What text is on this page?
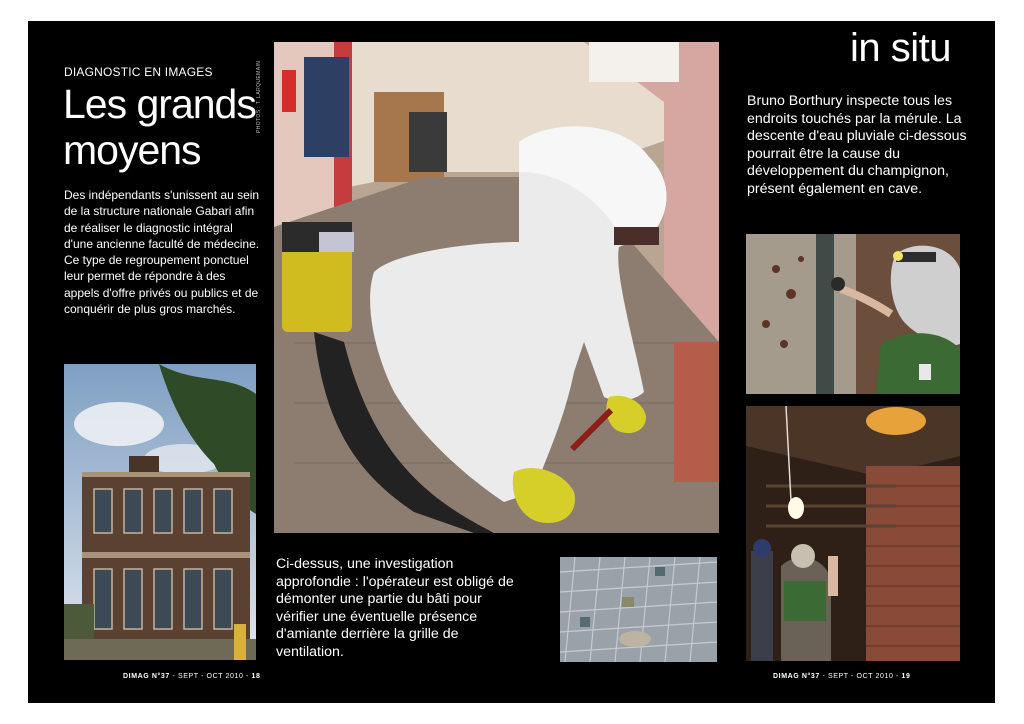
DIAGNOSTIC EN IMAGES
Les grands moyens
Des indépendants s'unissent au sein de la structure nationale Gabari afin de réaliser le diagnostic intégral d'une ancienne faculté de médecine. Ce type de regroupement ponctuel leur permet de répondre à des appels d'offre privés ou publics et de conquérir de plus gros marchés.
PHOTOS : T. LARQUEMAIN
in situ
Bruno Borthury inspecte tous les endroits touchés par la mérule. La descente d'eau pluviale ci-dessous pourrait être la cause du développement du champignon, présent également en cave.
Ci-dessus, une investigation approfondie : l'opérateur est obligé de démonter une partie du bâti pour vérifier une éventuelle présence d'amiante derrière la grille de ventilation.
DIMAG N°37 - SEPT - OCT 2010 - 18	DIMAG N°37 - SEPT - OCT 2010 - 19
